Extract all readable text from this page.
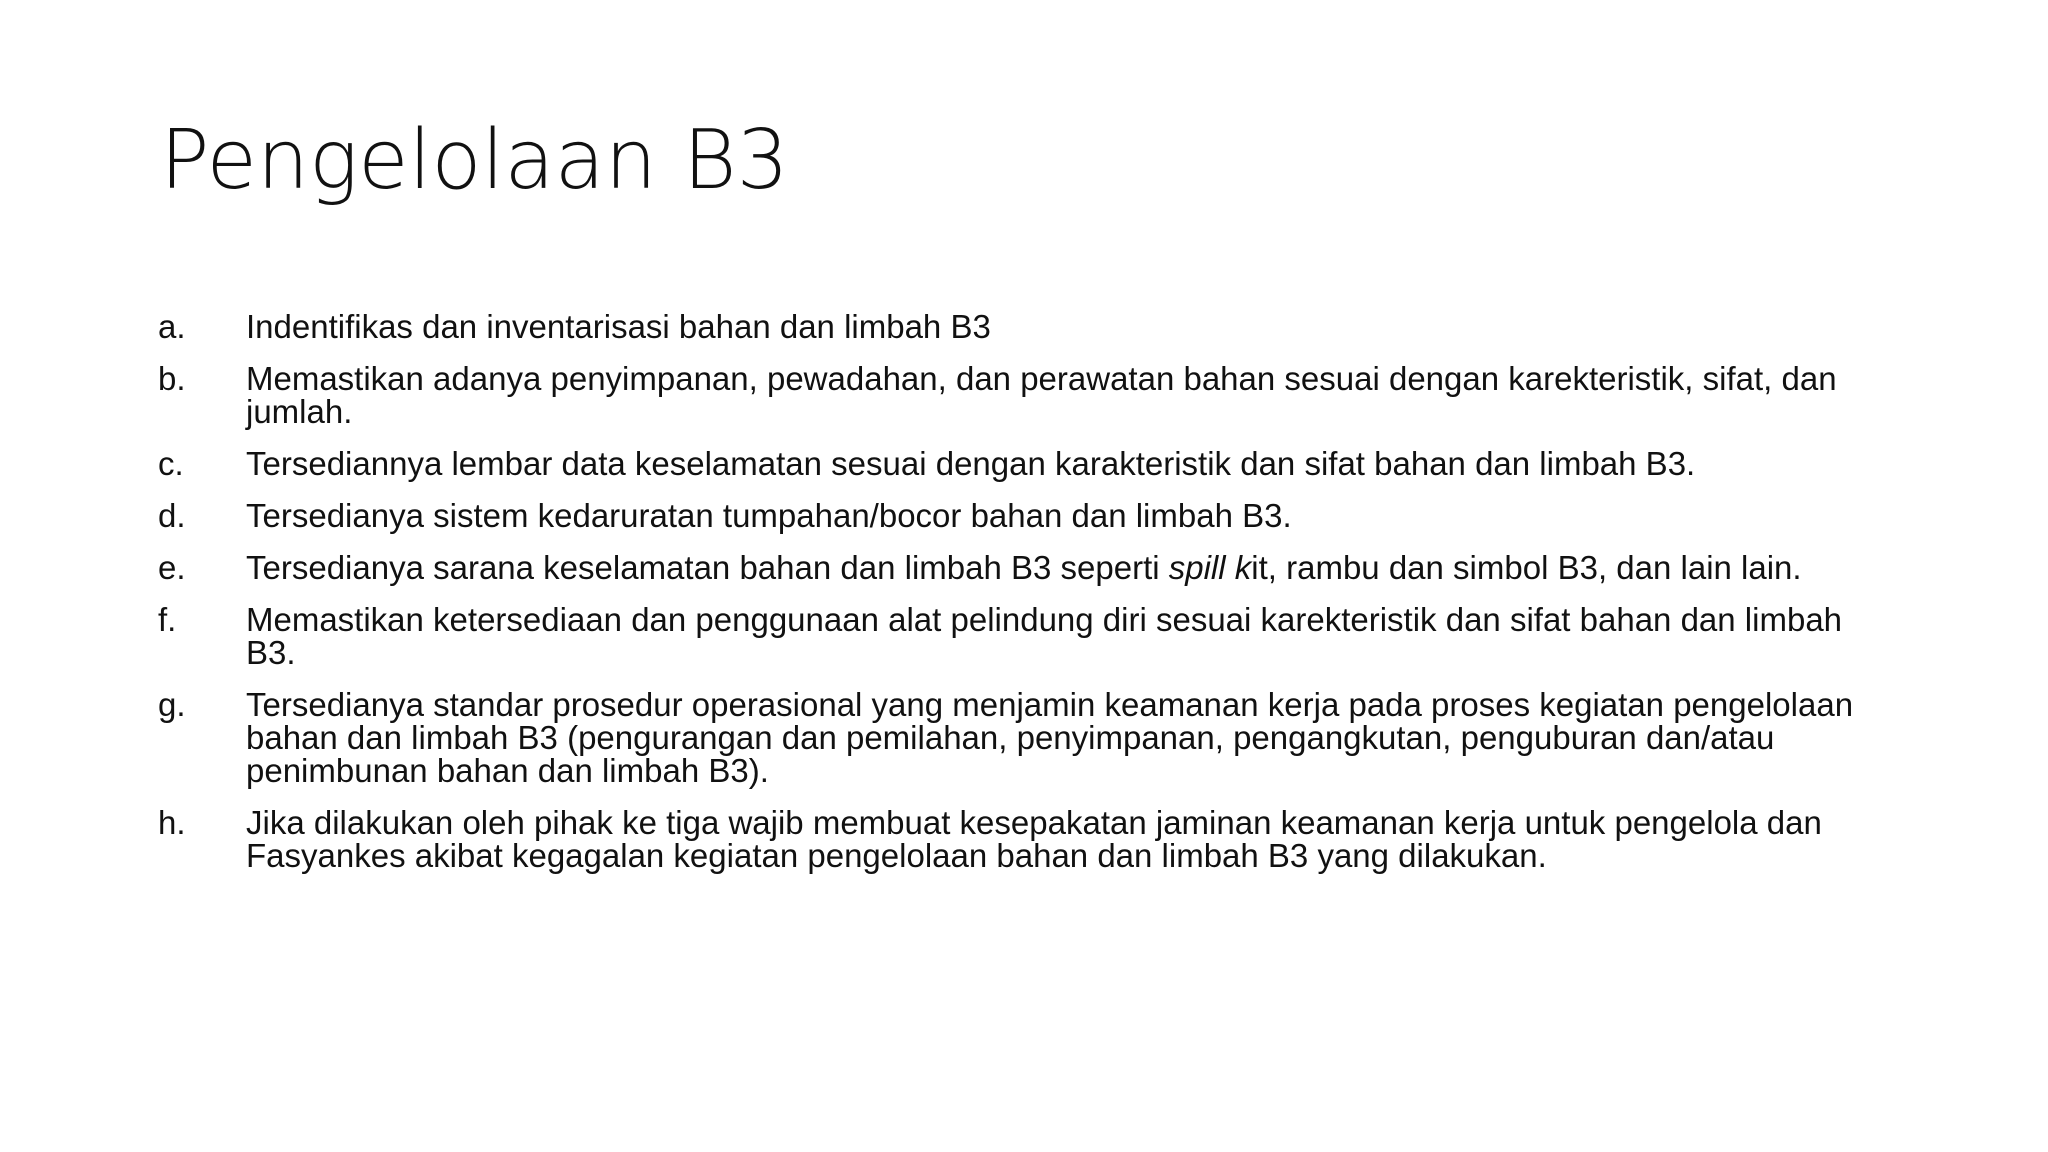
Pengelolaan B3
a.	Indentifikas dan inventarisasi bahan dan limbah B3
b.	Memastikan adanya penyimpanan, pewadahan, dan perawatan bahan sesuai dengan karekteristik, sifat, dan jumlah.
c.	Tersediannya lembar data keselamatan sesuai dengan karakteristik dan sifat bahan dan limbah B3.
d.	Tersedianya sistem kedaruratan tumpahan/bocor bahan dan limbah B3.
e.	Tersedianya sarana keselamatan bahan dan limbah B3 seperti spill kit, rambu dan simbol B3, dan lain lain.
f.	Memastikan ketersediaan dan penggunaan alat pelindung diri sesuai karekteristik dan sifat bahan dan limbah B3.
g.	Tersedianya standar prosedur operasional yang menjamin keamanan kerja pada proses kegiatan pengelolaan bahan dan limbah B3 (pengurangan dan pemilahan, penyimpanan, pengangkutan, penguburan dan/atau penimbunan bahan dan limbah B3).
h.	Jika dilakukan oleh pihak ke tiga wajib membuat kesepakatan jaminan keamanan kerja untuk pengelola dan Fasyankes akibat kegagalan kegiatan pengelolaan bahan dan limbah B3 yang dilakukan.
